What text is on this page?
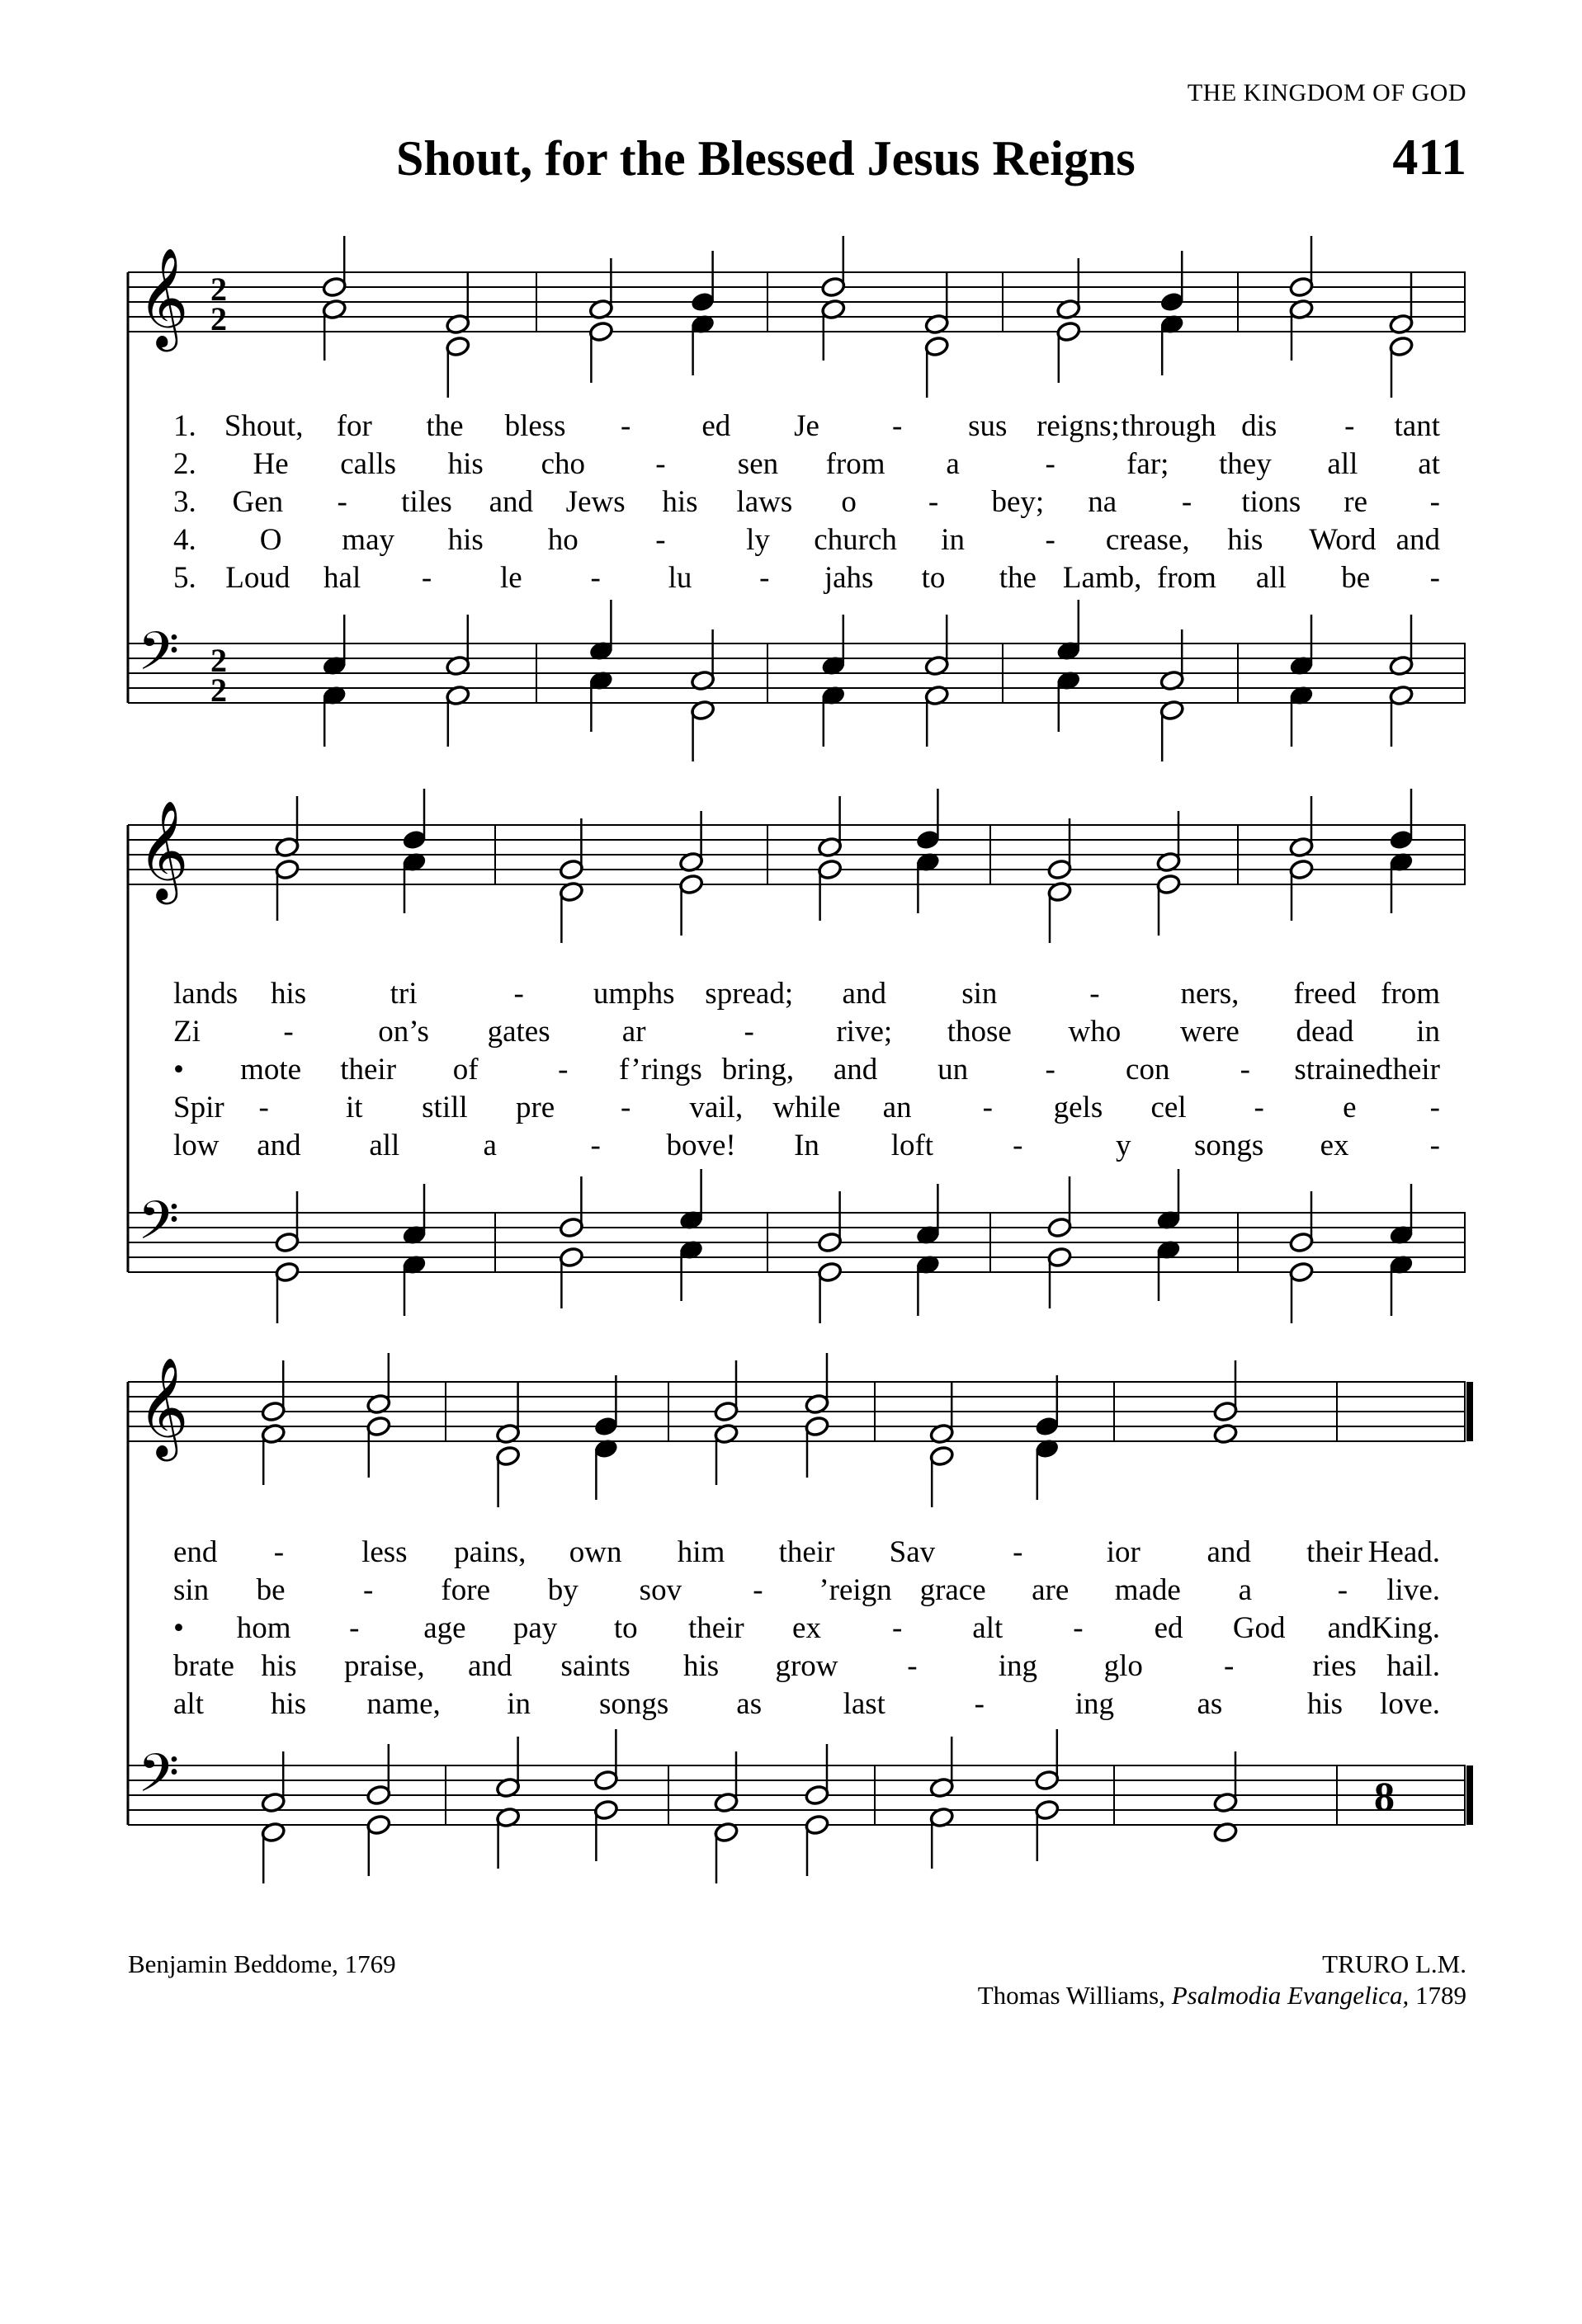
THE KINGDOM OF GOD
Shout, for the Blessed Jesus Reigns	411
𝄞
𝄢
2
2
2
2
𝄞
𝄢
𝄞
𝄢	8
1. Shout, for the bless - ed Je - sus reigns; through dis - tant
2. He calls his cho - sen from a	- far; they all at
3. Gen - tiles and Jews his laws o - bey; na - tions re -
4. O may his ho	-	ly church in	- crease, his Word and
5. Loud hal - le - lu - jahs to the Lamb, from all be -
lands his	tri	- umphs spread; and sin	-	ners, freed from
Zi	-	on’s gates ar	-	rive; those who were dead in
• mote their of	- f’rings bring, and un	- con - strained
their
Spir -	it still pre - vail, while an - gels cel -	e -
low and all	a	- bove! In loft	-	y songs ex	-
end -	less pains, own him their Sav	-	ior and their Head.
sin be	- fore by sov - ’reign grace are made a	- live.
• hom - age pay to their ex - alt - ed God and King.
brate his praise, and saints his grow -	ing glo	-	ries hail.
alt his name, in songs as	last	-	ing	as	his love.
Benjamin Beddome, 1769	TRURO L.M.
Thomas Williams, Psalmodia Evangelica, 1789
